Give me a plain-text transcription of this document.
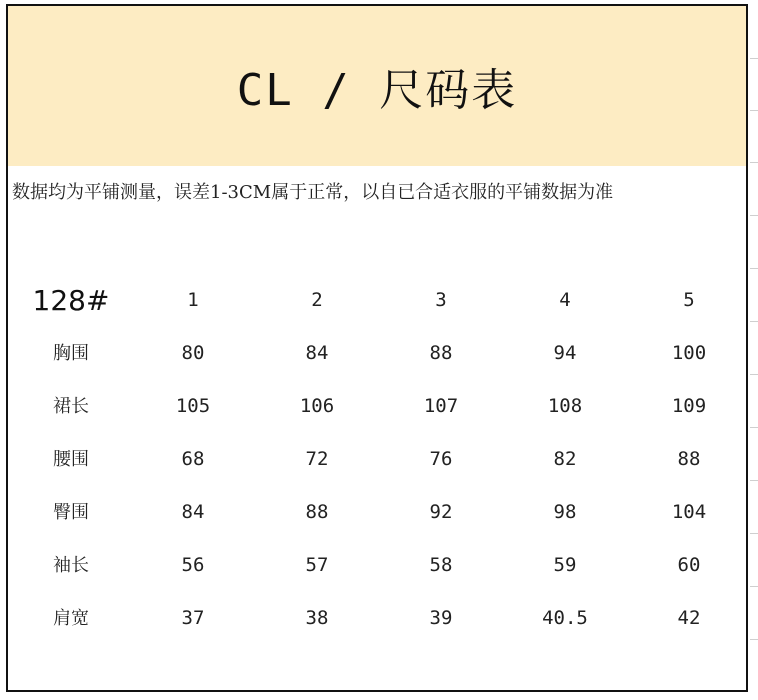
CL / 尺码表
数据均为平铺测量，误差1-3CM属于正常，以自已合适衣服的平铺数据为准
128#	1	2	3	4	5
胸围	80	84	88	94	100
裙长	105	106	107	108	109
腰围	68	72	76	82	88
臀围	84	88	92	98	104
袖长	56	57	58	59	60
肩宽	37	38	39	40.5	42
